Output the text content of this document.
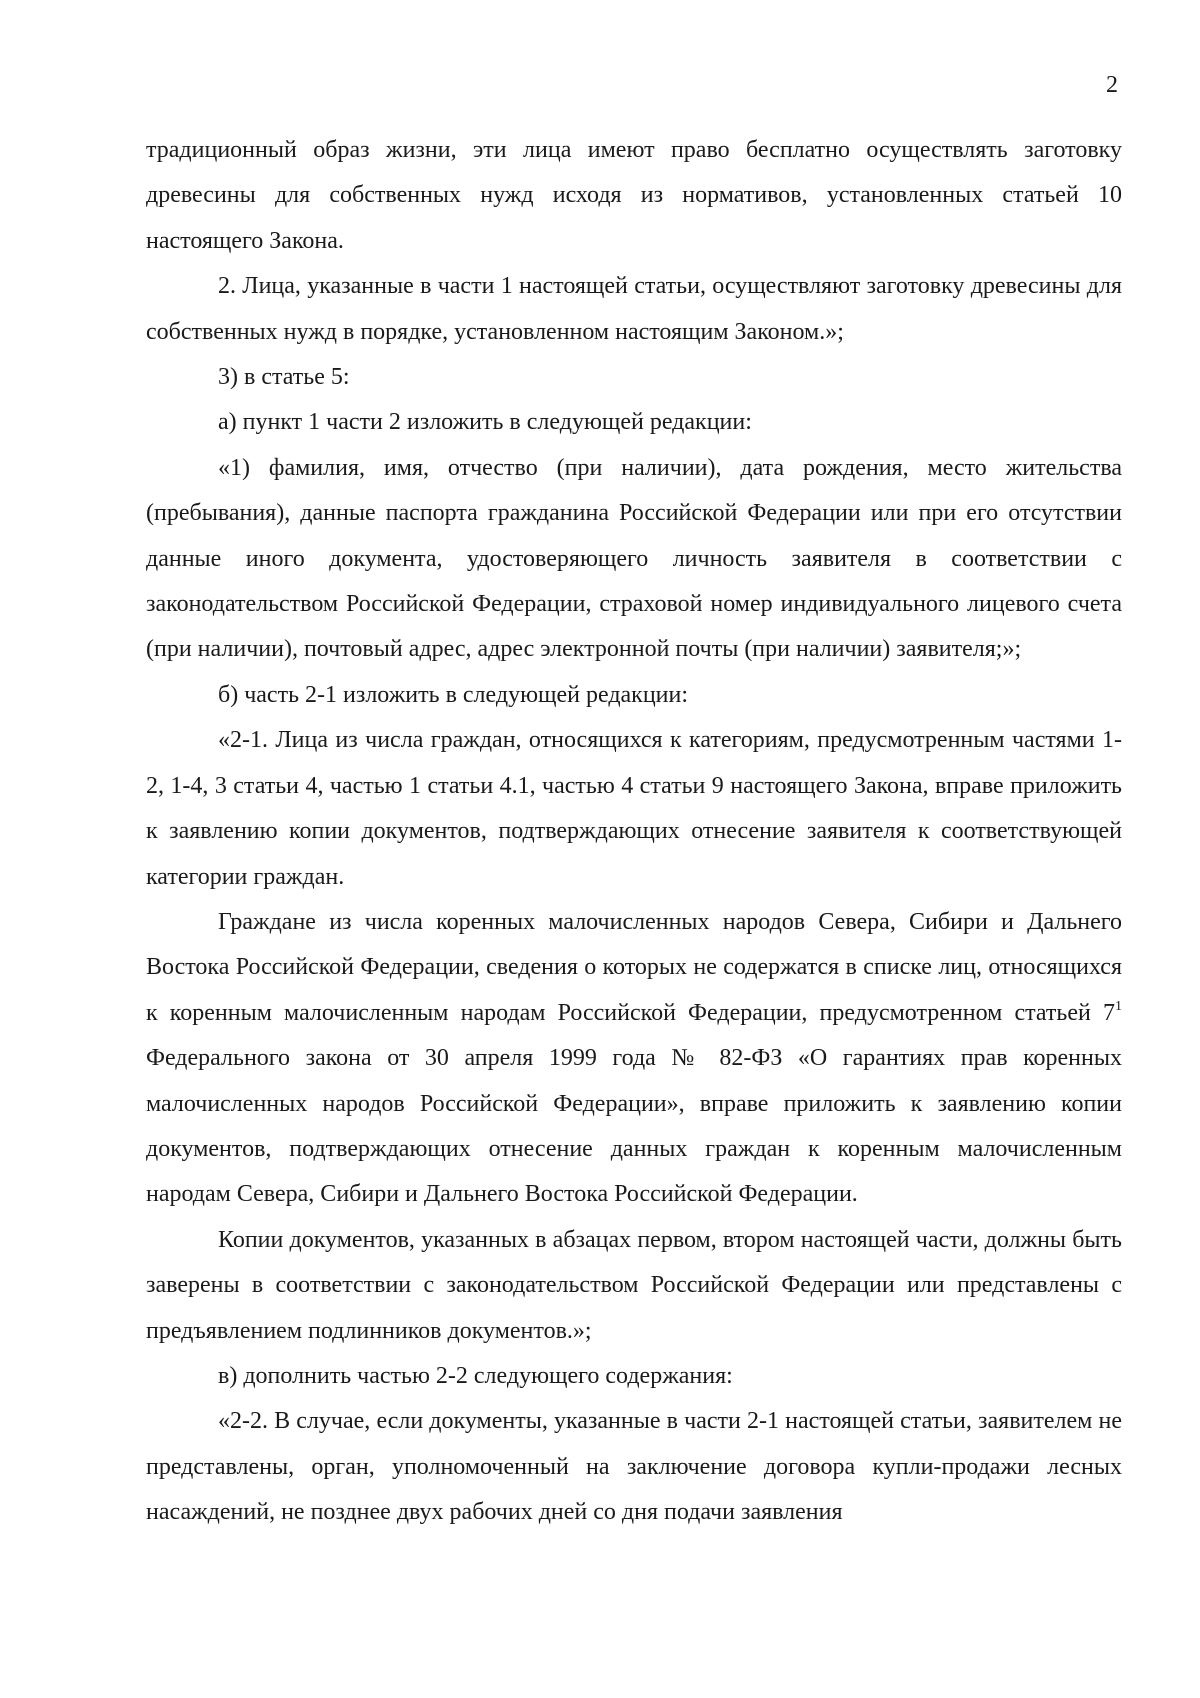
2

традиционный образ жизни, эти лица имеют право бесплатно осуществлять заготовку древесины для собственных нужд исходя из нормативов, установленных статьей 10 настоящего Закона.

2. Лица, указанные в части 1 настоящей статьи, осуществляют заготовку древесины для собственных нужд в порядке, установленном настоящим Законом.»;

3) в статье 5:

а) пункт 1 части 2 изложить в следующей редакции:

«1) фамилия, имя, отчество (при наличии), дата рождения, место жительства (пребывания), данные паспорта гражданина Российской Федерации или при его отсутствии данные иного документа, удостоверяющего личность заявителя в соответствии с законодательством Российской Федерации, страховой номер индивидуального лицевого счета (при наличии), почтовый адрес, адрес электронной почты (при наличии) заявителя;»;

б) часть 2-1 изложить в следующей редакции:

«2-1. Лица из числа граждан, относящихся к категориям, предусмотренным частями 1-2, 1-4, 3 статьи 4, частью 1 статьи 4.1, частью 4 статьи 9 настоящего Закона, вправе приложить к заявлению копии документов, подтверждающих отнесение заявителя к соответствующей категории граждан.

Граждане из числа коренных малочисленных народов Севера, Сибири и Дальнего Востока Российской Федерации, сведения о которых не содержатся в списке лиц, относящихся к коренным малочисленным народам Российской Федерации, предусмотренном статьей $7^1$ Федерального закона от 30 апреля 1999 года № 82-ФЗ «О гарантиях прав коренных малочисленных народов Российской Федерации», вправе приложить к заявлению копии документов, подтверждающих отнесение данных граждан к коренным малочисленным народам Севера, Сибири и Дальнего Востока Российской Федерации.

Копии документов, указанных в абзацах первом, втором настоящей части, должны быть заверены в соответствии с законодательством Российской Федерации или представлены с предъявлением подлинников документов.»;

в) дополнить частью 2-2 следующего содержания:

«2-2. В случае, если документы, указанные в части 2-1 настоящей статьи, заявителем не представлены, орган, уполномоченный на заключение договора купли-продажи лесных насаждений, не позднее двух рабочих дней со дня подачи заявления
